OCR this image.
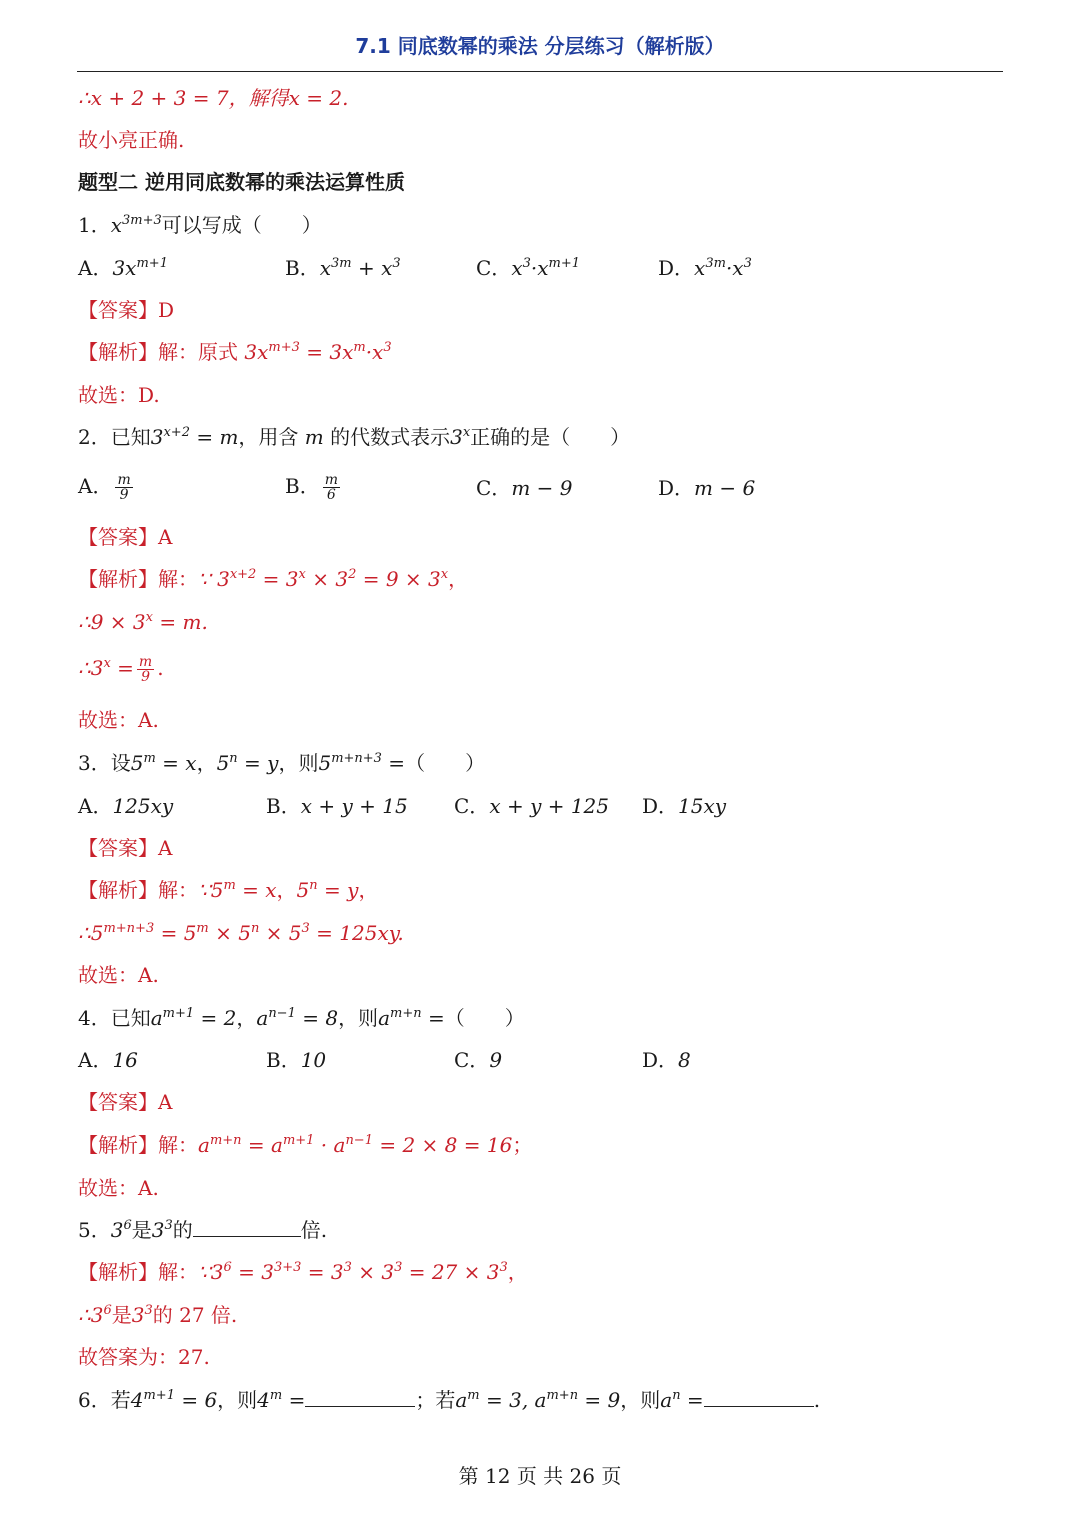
7.1 同底数幂的乘法 分层练习（解析版）
∴x + 2 + 3 = 7，解得x = 2.
故小亮正确.
题型二 逆用同底数幂的乘法运算性质
1．$x^{3m+3}$可以写成（　　）
A．$3x^{m+1}$	B．$x^{3m} + x^3$	C．$x^3\cdot x^{m+1}$	D．$x^{3m}\cdot x^3$
【答案】D
【解析】解：原式 $3x^{m+3} = 3x^m\cdot x^3$
故选：D.
2．已知$3^{x+2} = m$，用含 m 的代数式表示3$^x$正确的是（　　）
A． $\frac{m}{9}$	B． $\frac{m}{6}$	C．m − 9	D．m − 6
【答案】A
【解析】解：∵ $3^{x+2} = 3^x \times 3^2 = 9 \times 3^x$，
∴9 × $3^x = m$.
$\therefore 3^x = \frac{m}{9}$ .
故选：A.
3．设$5^m = x$，$5^n = y$，则$5^{m+n+3}$ =（　　）
A．125xy	B．x + y + 15 C．x + y + 125 D．15xy
【答案】A
【解析】解：$\because 5^m = x$，$5^n = y$，
$\therefore 5^{m+n+3} = 5^m \times 5^n \times 5^3 = 125xy$.
故选：A.
4．已知$a^{m+1} = 2$，$a^{n-1} = 8$，则$a^{m+n}$ =（　　）
A．16	B．10	C．9	D．8
【答案】A
【解析】解：$a^{m+n} = a^{m+1} \cdot a^{n-1} = 2 \times 8 = 16$；
故选：A.
5．$3^6$是$3^3$的	倍.
【解析】解：$\because 3^6 = 3^{3+3} = 3^3 \times 3^3 = 27 \times 3^3$，
$\therefore 3^6$是$3^3$的 27 倍.
故答案为：27.
6．若$4^{m+1} = 6$，则$4^m$ =	；若$a^m = 3$, $a^{m+n} = 9$，则$a^n$ =	.
第 12 页 共 26 页
